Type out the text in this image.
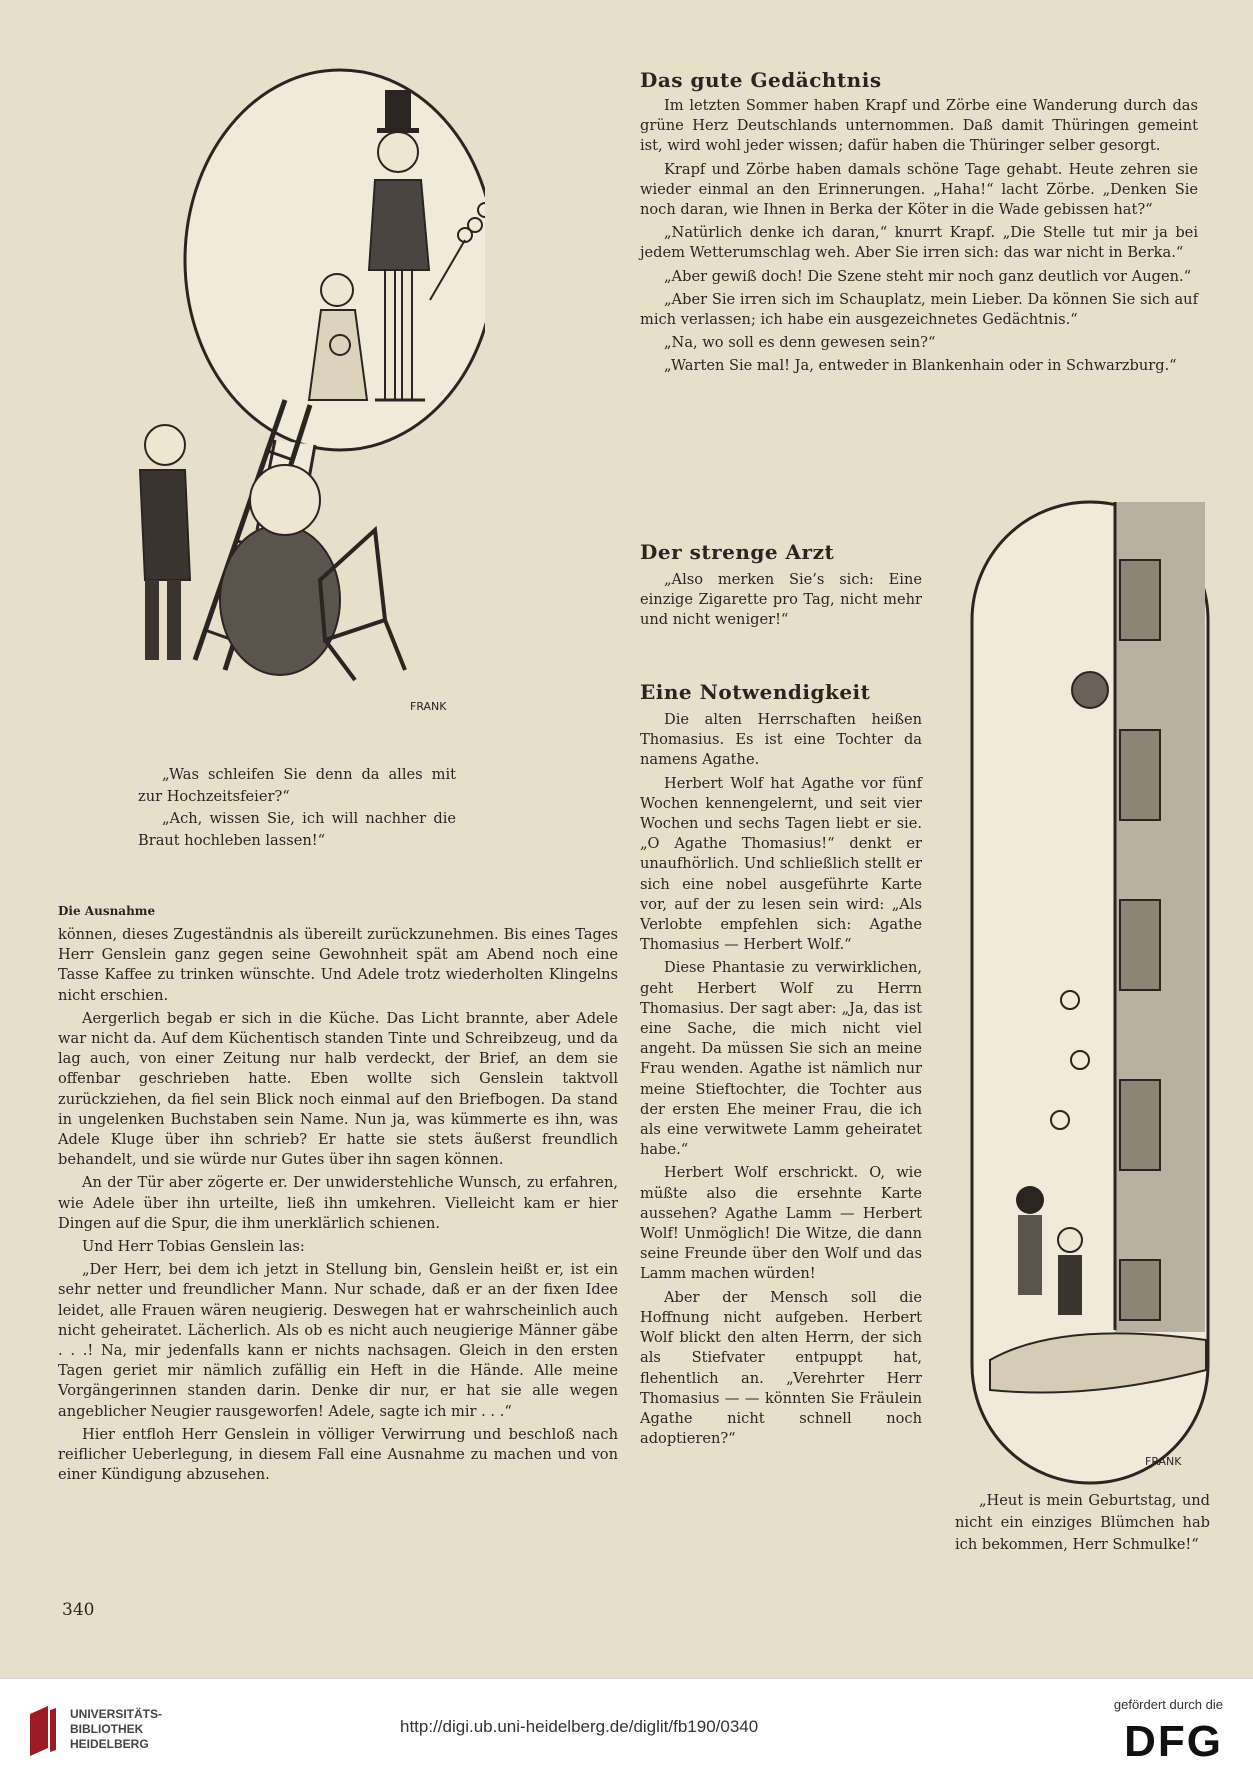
FRANK

„Was schleifen Sie denn da alles mit zur Hochzeitsfeier?“

„Ach, wissen Sie, ich will nachher die Braut hochleben lassen!“

Die Ausnahme

können, dieses Zugeständnis als übereilt zurückzunehmen. Bis eines Tages Herr Genslein ganz gegen seine Gewohnheit spät am Abend noch eine Tasse Kaffee zu trinken wünschte. Und Adele trotz wiederholten Klingelns nicht erschien.

Aergerlich begab er sich in die Küche. Das Licht brannte, aber Adele war nicht da. Auf dem Küchentisch standen Tinte und Schreibzeug, und da lag auch, von einer Zeitung nur halb verdeckt, der Brief, an dem sie offenbar geschrieben hatte. Eben wollte sich Genslein taktvoll zurückziehen, da fiel sein Blick noch einmal auf den Briefbogen. Da stand in ungelenken Buchstaben sein Name. Nun ja, was kümmerte es ihn, was Adele Kluge über ihn schrieb? Er hatte sie stets äußerst freundlich behandelt, und sie würde nur Gutes über ihn sagen können.

An der Tür aber zögerte er. Der unwiderstehliche Wunsch, zu erfahren, wie Adele über ihn urteilte, ließ ihn umkehren. Vielleicht kam er hier Dingen auf die Spur, die ihm unerklärlich schienen.

Und Herr Tobias Genslein las:

„Der Herr, bei dem ich jetzt in Stellung bin, Genslein heißt er, ist ein sehr netter und freundlicher Mann. Nur schade, daß er an der fixen Idee leidet, alle Frauen wären neugierig. Deswegen hat er wahrscheinlich auch nicht geheiratet. Lächerlich. Als ob es nicht auch neugierige Männer gäbe . . .! Na, mir jedenfalls kann er nichts nachsagen. Gleich in den ersten Tagen geriet mir nämlich zufällig ein Heft in die Hände. Alle meine Vorgängerinnen standen darin. Denke dir nur, er hat sie alle wegen angeblicher Neugier rausgeworfen! Adele, sagte ich mir . . .“

Hier entfloh Herr Genslein in völliger Verwirrung und beschloß nach reiflicher Ueberlegung, in diesem Fall eine Ausnahme zu machen und von einer Kündigung abzusehen.

340
Das gute Gedächtnis

Im letzten Sommer haben Krapf und Zörbe eine Wanderung durch das grüne Herz Deutschlands unternommen. Daß damit Thüringen gemeint ist, wird wohl jeder wissen; dafür haben die Thüringer selber gesorgt.

Krapf und Zörbe haben damals schöne Tage gehabt. Heute zehren sie wieder einmal an den Erinnerungen. „Haha!“ lacht Zörbe. „Denken Sie noch daran, wie Ihnen in Berka der Köter in die Wade gebissen hat?“

„Natürlich denke ich daran,“ knurrt Krapf. „Die Stelle tut mir ja bei jedem Wetterumschlag weh. Aber Sie irren sich: das war nicht in Berka.“

„Aber gewiß doch! Die Szene steht mir noch ganz deutlich vor Augen.“

„Aber Sie irren sich im Schauplatz, mein Lieber. Da können Sie sich auf mich verlassen; ich habe ein ausgezeichnetes Gedächtnis.“

„Na, wo soll es denn gewesen sein?“

„Warten Sie mal! Ja, entweder in Blankenhain oder in Schwarzburg.“

Der strenge Arzt

„Also merken Sie’s sich: Eine einzige Zigarette pro Tag, nicht mehr und nicht weniger!“

Eine Notwendigkeit

Die alten Herrschaften heißen Thomasius. Es ist eine Tochter da namens Agathe.

Herbert Wolf hat Agathe vor fünf Wochen kennengelernt, und seit vier Wochen und sechs Tagen liebt er sie. „O Agathe Thomasius!“ denkt er unaufhörlich. Und schließlich stellt er sich eine nobel ausgeführte Karte vor, auf der zu lesen sein wird: „Als Verlobte empfehlen sich: Agathe Thomasius — Herbert Wolf.“

Diese Phantasie zu verwirklichen, geht Herbert Wolf zu Herrn Thomasius. Der sagt aber: „Ja, das ist eine Sache, die mich nicht viel angeht. Da müssen Sie sich an meine Frau wenden. Agathe ist nämlich nur meine Stieftochter, die Tochter aus der ersten Ehe meiner Frau, die ich als eine verwitwete Lamm geheiratet habe.“

Herbert Wolf erschrickt. O, wie müßte also die ersehnte Karte aussehen? Agathe Lamm — Herbert Wolf! Unmöglich! Die Witze, die dann seine Freunde über den Wolf und das Lamm machen würden!

Aber der Mensch soll die Hoffnung nicht aufgeben. Herbert Wolf blickt den alten Herrn, der sich als Stiefvater entpuppt hat, flehentlich an. „Verehrter Herr Thomasius — — könnten Sie Fräulein Agathe nicht schnell noch adoptieren?“

FRANK

„Heut is mein Geburtstag, und nicht ein einziges Blümchen hab ich bekommen, Herr Schmulke!“

UNIVERSITÄTS-
BIBLIOTHEK
HEIDELBERG
http://digi.ub.uni-heidelberg.de/diglit/fb190/0340
gefördert durch die
DFG
